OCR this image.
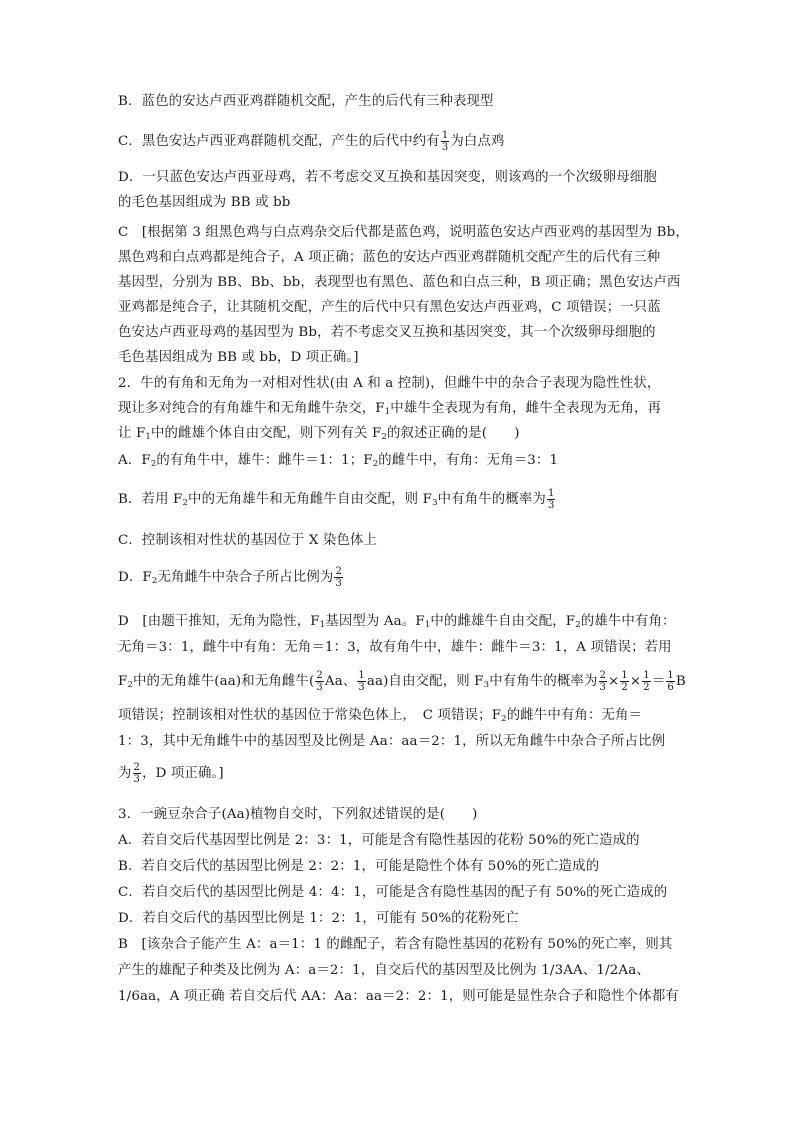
B．蓝色的安达卢西亚鸡群随机交配，产生的后代有三种表现型
C．黑色安达卢西亚鸡群随机交配，产生的后代中约有 $\frac{1}{3}$ 为白点鸡
D．一只蓝色安达卢西亚母鸡，若不考虑交叉互换和基因突变，则该鸡的一个次级卵母细胞
的毛色基因组成为 BB 或 bb
C　[根据第 3 组黑色鸡与白点鸡杂交后代都是蓝色鸡，说明蓝色安达卢西亚鸡的基因型为 Bb，
黑色鸡和白点鸡都是纯合子，A 项正确；蓝色的安达卢西亚鸡群随机交配产生的后代有三种
基因型，分别为 BB、Bb、bb，表现型也有黑色、蓝色和白点三种，B 项正确；黑色安达卢西
亚鸡都是纯合子，让其随机交配，产生的后代中只有黑色安达卢西亚鸡，C 项错误；一只蓝
色安达卢西亚母鸡的基因型为 Bb，若不考虑交叉互换和基因突变，其一个次级卵母细胞的
毛色基因组成为 BB 或 bb，D 项正确。]
2．牛的有角和无角为一对相对性状(由 A 和 a 控制)，但雌牛中的杂合子表现为隐性性状，
现让多对纯合的有角雄牛和无角雌牛杂交，$F_1$中雄牛全表现为有角，雌牛全表现为无角，再
让 $F_1$中的雌雄个体自由交配，则下列有关 $F_2$的叙述正确的是(　　)
A．$F_2$的有角牛中，雄牛：雌牛＝1：1；$F_2$的雌牛中，有角：无角＝3：1
B．若用 $F_2$中的无角雄牛和无角雌牛自由交配，则 $F_3$中有角牛的概率为 $\frac{1}{3}$
C．控制该相对性状的基因位于 X 染色体上
D．$F_2$无角雌牛中杂合子所占比例为 $\frac{2}{3}$
D　[由题干推知，无角为隐性，$F_1$基因型为 Aa。$F_1$中的雌雄牛自由交配，$F_2$的雄牛中有角：
无角＝3：1，雌牛中有角：无角＝1：3，故有角牛中，雄牛：雌牛＝3：1，A 项错误；若用
$F_2$中的无角雄牛(aa)和无角雌牛( $\frac{2}{3}$ Aa、 $\frac{1}{3} aa$)自由交配，则 $F_3$中有角牛的概率为 $\frac{2}{3} \times \frac{1}{2} \times \frac{1}{2} = \frac{1}{6}$ B
项错误；控制该相对性状的基因位于常染色体上，　C 项错误；$F_2$的雌牛中有角：无角＝
1：3，其中无角雌牛中的基因型及比例是 Aa：aa＝2：1，所以无角雌牛中杂合子所占比例
为 $\frac{2}{3}$ ，D 项正确。]
3．一豌豆杂合子(Aa)植物自交时，下列叙述错误的是(　　)
A．若自交后代基因型比例是 2：3：1，可能是含有隐性基因的花粉 50%的死亡造成的
B．若自交后代的基因型比例是 2：2：1，可能是隐性个体有 50%的死亡造成的
C．若自交后代的基因型比例是 4：4：1，可能是含有隐性基因的配子有 50%的死亡造成的
D．若自交后代的基因型比例是 1：2：1，可能有 50%的花粉死亡
B　[该杂合子能产生 A：a＝1：1 的雌配子，若含有隐性基因的花粉有 50%的死亡率，则其
产生的雄配子种类及比例为 A：a＝2：1，自交后代的基因型及比例为 1/3AA、1/2Aa、
1/6aa，A 项正确 若自交后代 AA：Aa：aa＝2：2：1，则可能是显性杂合子和隐性个体都有
